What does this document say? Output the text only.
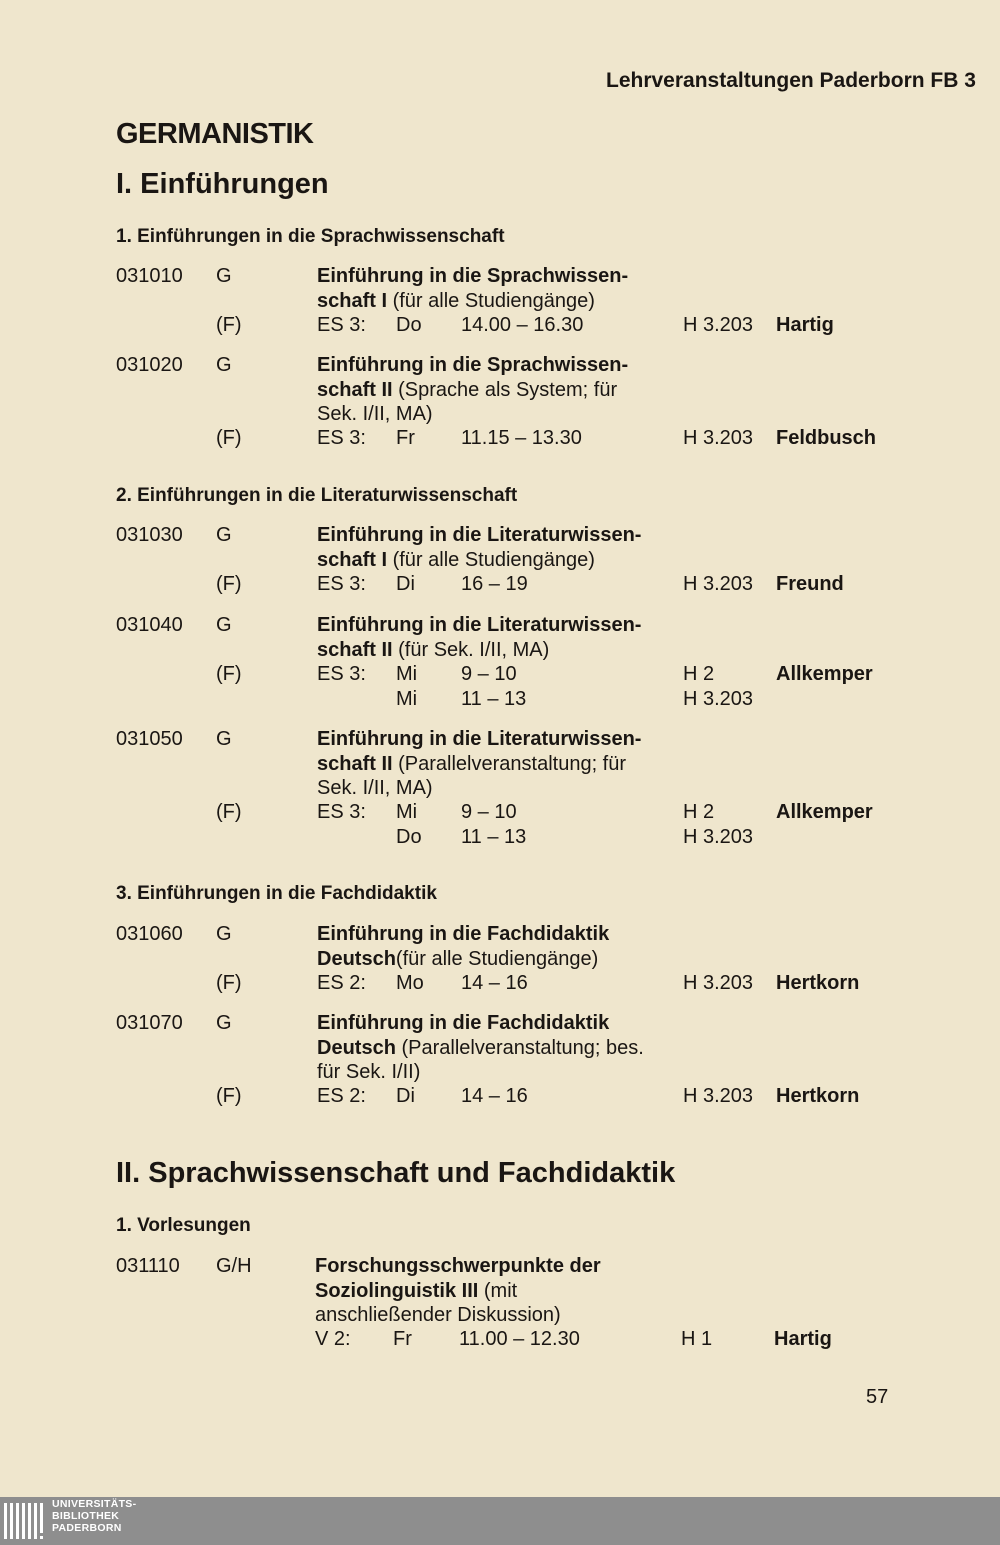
Lehrveranstaltungen Paderborn FB 3
GERMANISTIK
I. Einführungen
1. Einführungen in die Sprachwissenschaft
031010 G	Einführung in die Sprachwissen-schaft I (für alle Studiengänge)
(F)	ES 3: Do 14.00 – 16.30	H 3.203 Hartig
031020 G	Einführung in die Sprachwissen-schaft II (Sprache als System; für Sek. I/II, MA)
(F)	ES 3: Fr 11.15 – 13.30	H 3.203 Feldbusch
2. Einführungen in die Literaturwissenschaft
031030 G	Einführung in die Literaturwissen-schaft I (für alle Studiengänge)
(F)	ES 3: Di 16 – 19	H 3.203 Freund
031040 G	Einführung in die Literaturwissen-schaft II (für Sek. I/II, MA)
(F)	ES 3: Mi 9 – 10	H 2	Allkemper
Mi 11 – 13	H 3.203
031050 G	Einführung in die Literaturwissen-schaft II (Parallelveranstaltung; für Sek. I/II, MA)
(F)	ES 3: Mi 9 – 10	H 2	Allkemper
Do 11 – 13	H 3.203
3. Einführungen in die Fachdidaktik
031060 G	Einführung in die Fachdidaktik Deutsch(für alle Studiengänge)
(F)	ES 2: Mo 14 – 16	H 3.203 Hertkorn
031070 G	Einführung in die Fachdidaktik Deutsch (Parallelveranstaltung; bes. für Sek. I/II)
(F)	ES 2: Di 14 – 16	H 3.203 Hertkorn
II. Sprachwissenschaft und Fachdidaktik
1. Vorlesungen
031110 G/H	Forschungsschwerpunkte der Soziolinguistik III (mit anschließender Diskussion)
V 2: Fr 11.00 – 12.30	H 1	Hartig
57
UNIVERSITÄTS-
BIBLIOTHEK
PADERBORN
